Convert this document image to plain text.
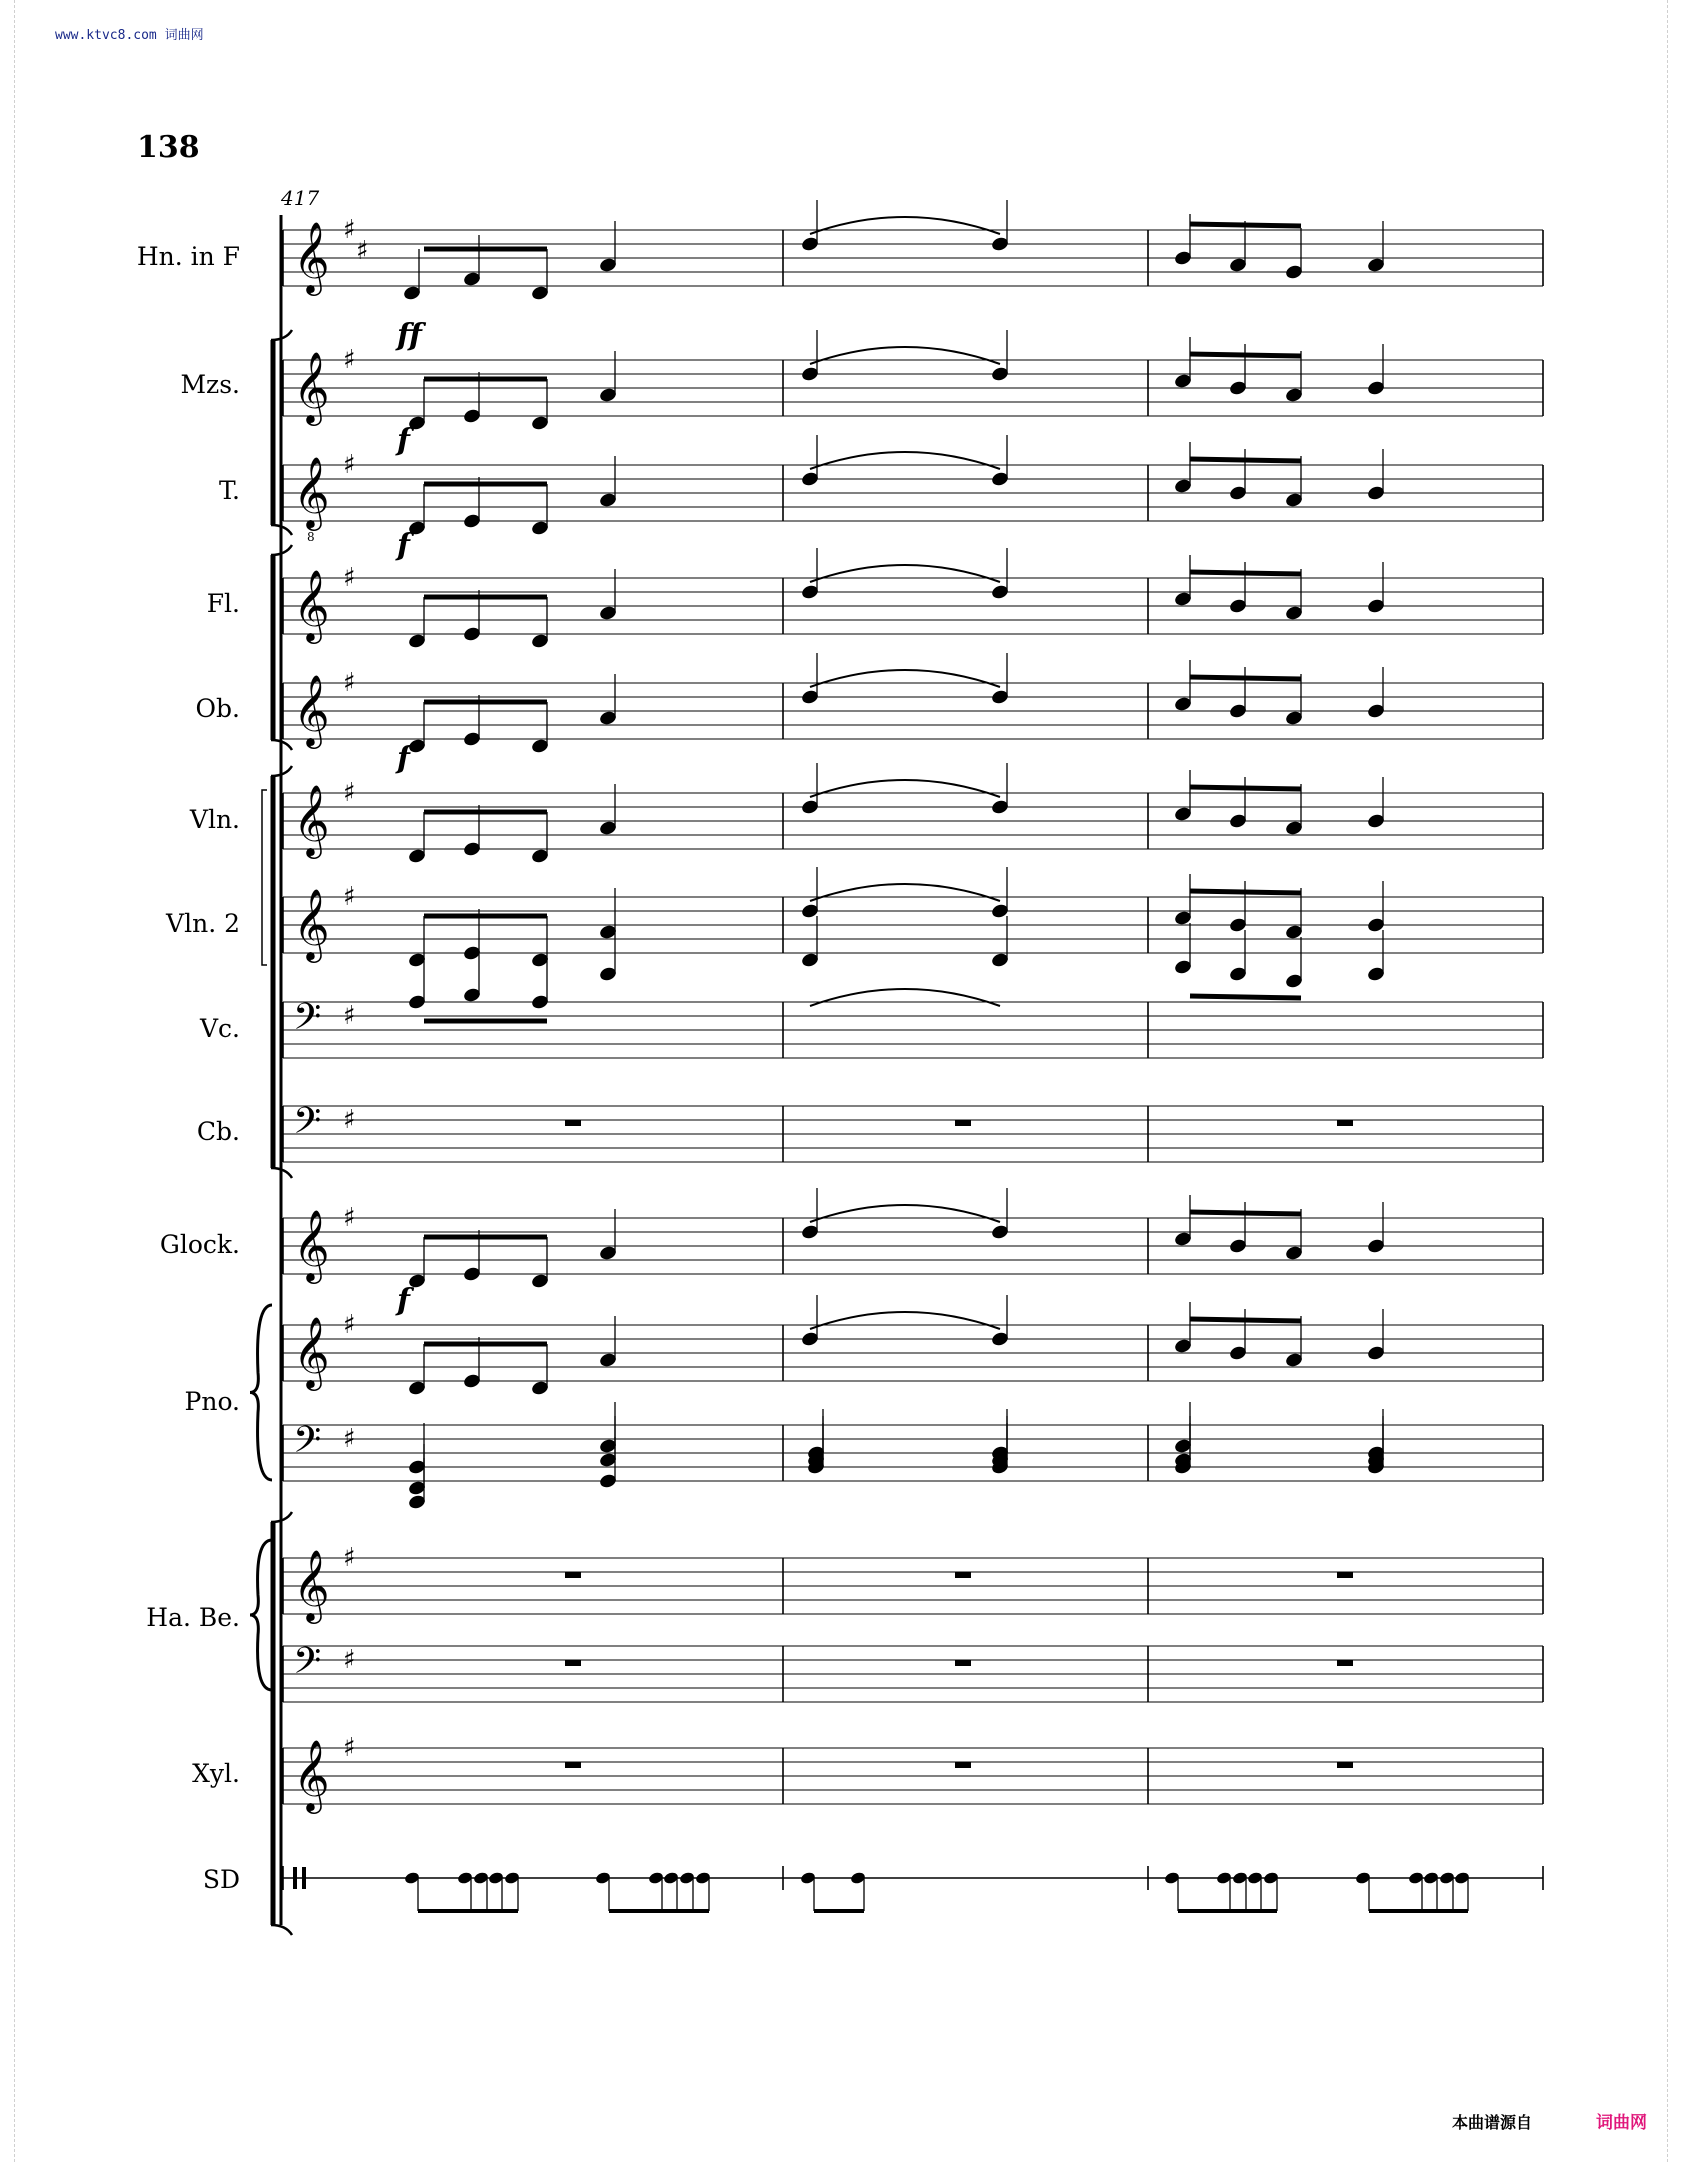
www.ktvc8.com 词曲网
138
417
Hn. in F
Mzs.
T.
Fl.
Ob.
Vln.
Vln. 2
Vc.
Cb.
Glock.
Pno.
Ha. Be.
Xyl.
SD
𝄞 ♯
♯
𝄞 ♯
𝄞
8
♯
𝄞 ♯
𝄞 ♯
𝄞 ♯
𝄞 ♯
𝄢 ♯
𝄢 ♯
𝄞 ♯
𝄞 ♯
𝄢 ♯
𝄞 ♯
𝄢 ♯
𝄞 ♯
ff
f
f
f
f
本曲谱源自	词曲网
